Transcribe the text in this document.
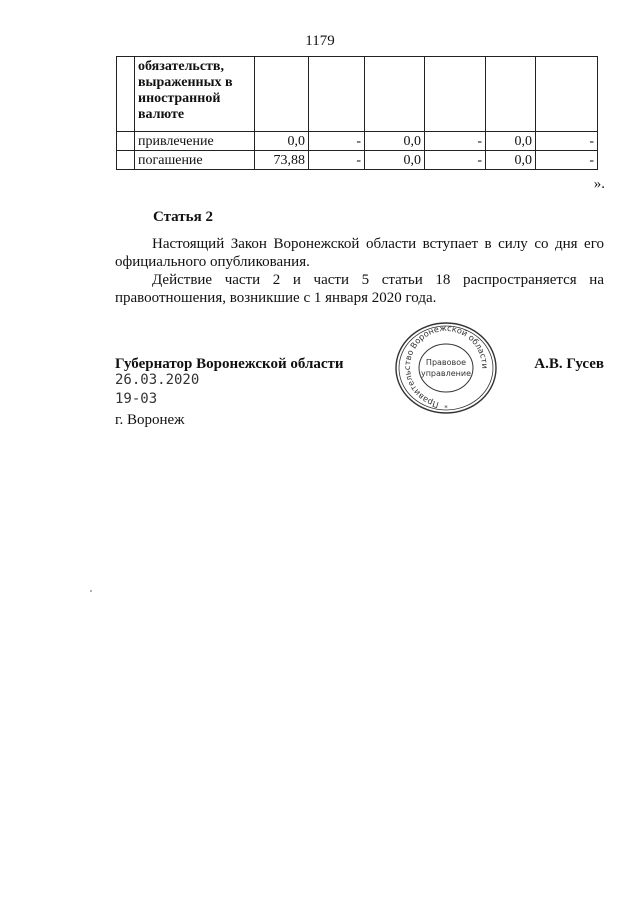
1179
	обязательств,
выраженных в
иностранной
валюте						
	привлечение	0,0	-	0,0	-	0,0	-
	погашение	73,88	-	0,0	-	0,0	-
».
Статья 2
Настоящий Закон Воронежской области вступает в силу со дня его официального опубликования.
Действие части 2 и части 5 статьи 18 распространяется на правоотношения, возникшие с 1 января 2020 года.
Губернатор Воронежской области	А.В. Гусев
26.03.2020
19-03
г. Воронеж
Правительство Воронежской области
Правовое
управление
*
